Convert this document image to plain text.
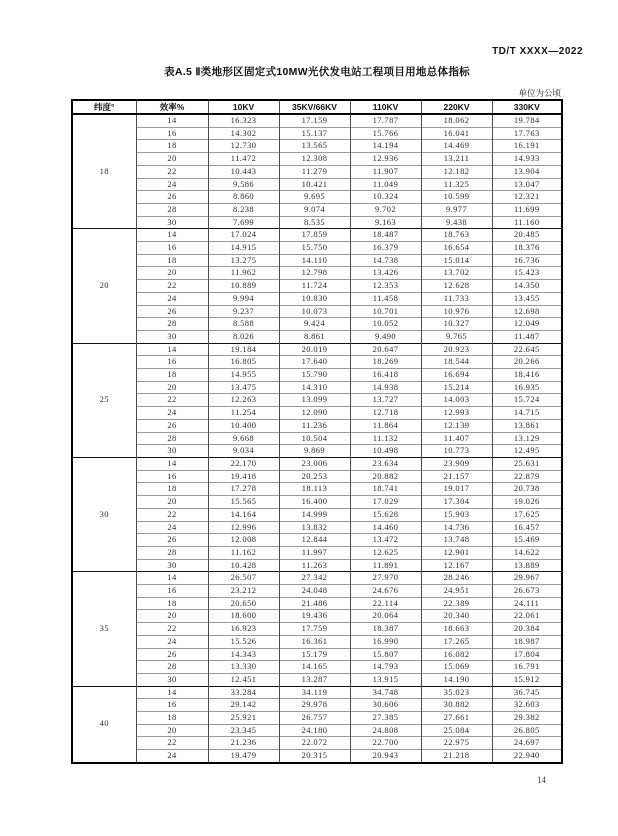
TD/T XXXX—2022
表A.5 Ⅱ类地形区固定式10MW光伏发电站工程项目用地总体指标
单位为公顷
纬度°	效率%	10KV	35KV/66KV	110KV	220KV	330KV
18	14	16.323	17.159	17.787	18.062	19.784
	16	14.302	15.137	15.766	16.041	17.763
	18	12.730	13.565	14.194	14.469	16.191
	20	11.472	12.308	12.936	13.211	14.933
	22	10.443	11.279	11.907	12.182	13.904
	24	9.586	10.421	11.049	11.325	13.047
	26	8.860	9.695	10.324	10.599	12.321
	28	8.238	9.074	9.702	9.977	11.699
	30	7.699	8.535	9.163	9.438	11.160
20	14	17.024	17.859	18.487	18.763	20.485
	16	14.915	15.750	16.379	16.654	18.376
	18	13.275	14.110	14.738	15.014	16.736
	20	11.962	12.798	13.426	13.702	15.423
	22	10.889	11.724	12.353	12.628	14.350
	24	9.994	10.830	11.458	11.733	13.455
	26	9.237	10.073	10.701	10.976	12.698
	28	8.588	9.424	10.052	10.327	12.049
	30	8.026	8.861	9.490	9.765	11.487
25	14	19.184	20.019	20.647	20.923	22.645
	16	16.805	17.640	18.269	18.544	20.266
	18	14.955	15.790	16.418	16.694	18.416
	20	13.475	14.310	14.938	15.214	16.935
	22	12.263	13.099	13.727	14.003	15.724
	24	11.254	12.090	12.718	12.993	14.715
	26	10.400	11.236	11.864	12.139	13.861
	28	9.668	10.504	11.132	11.407	13.129
	30	9.034	9.869	10.498	10.773	12.495
30	14	22.170	23.006	23.634	23.909	25.631
	16	19.418	20.253	20.882	21.157	22.879
	18	17.278	18.113	18.741	19.017	20.738
	20	15.565	16.400	17.029	17.304	19.026
	22	14.164	14.999	15.628	15.903	17.625
	24	12.996	13.832	14.460	14.736	16.457
	26	12.008	12.844	13.472	13.748	15.469
	28	11.162	11.997	12.625	12.901	14.622
	30	10.428	11.263	11.891	12.167	13.889
35	14	26.507	27.342	27.970	28.246	29.967
	16	23.212	24.048	24.676	24.951	26.673
	18	20.650	21.486	22.114	22.389	24.111
	20	18.600	19.436	20.064	20.340	22.061
	22	16.923	17.759	18.387	18.663	20.384
	24	15.526	16.361	16.990	17.265	18.987
	26	14.343	15.179	15.807	16.082	17.804
	28	13.330	14.165	14.793	15.069	16.791
	30	12.451	13.287	13.915	14.190	15.912
40	14	33.284	34.119	34.748	35.023	36.745
	16	29.142	29.978	30.606	30.882	32.603
	18	25.921	26.757	27.385	27.661	29.382
	20	23.345	24.180	24.808	25.084	26.805
	22	21.236	22.072	22.700	22.975	24.697
	24	19.479	20.315	20.943	21.218	22.940
14
